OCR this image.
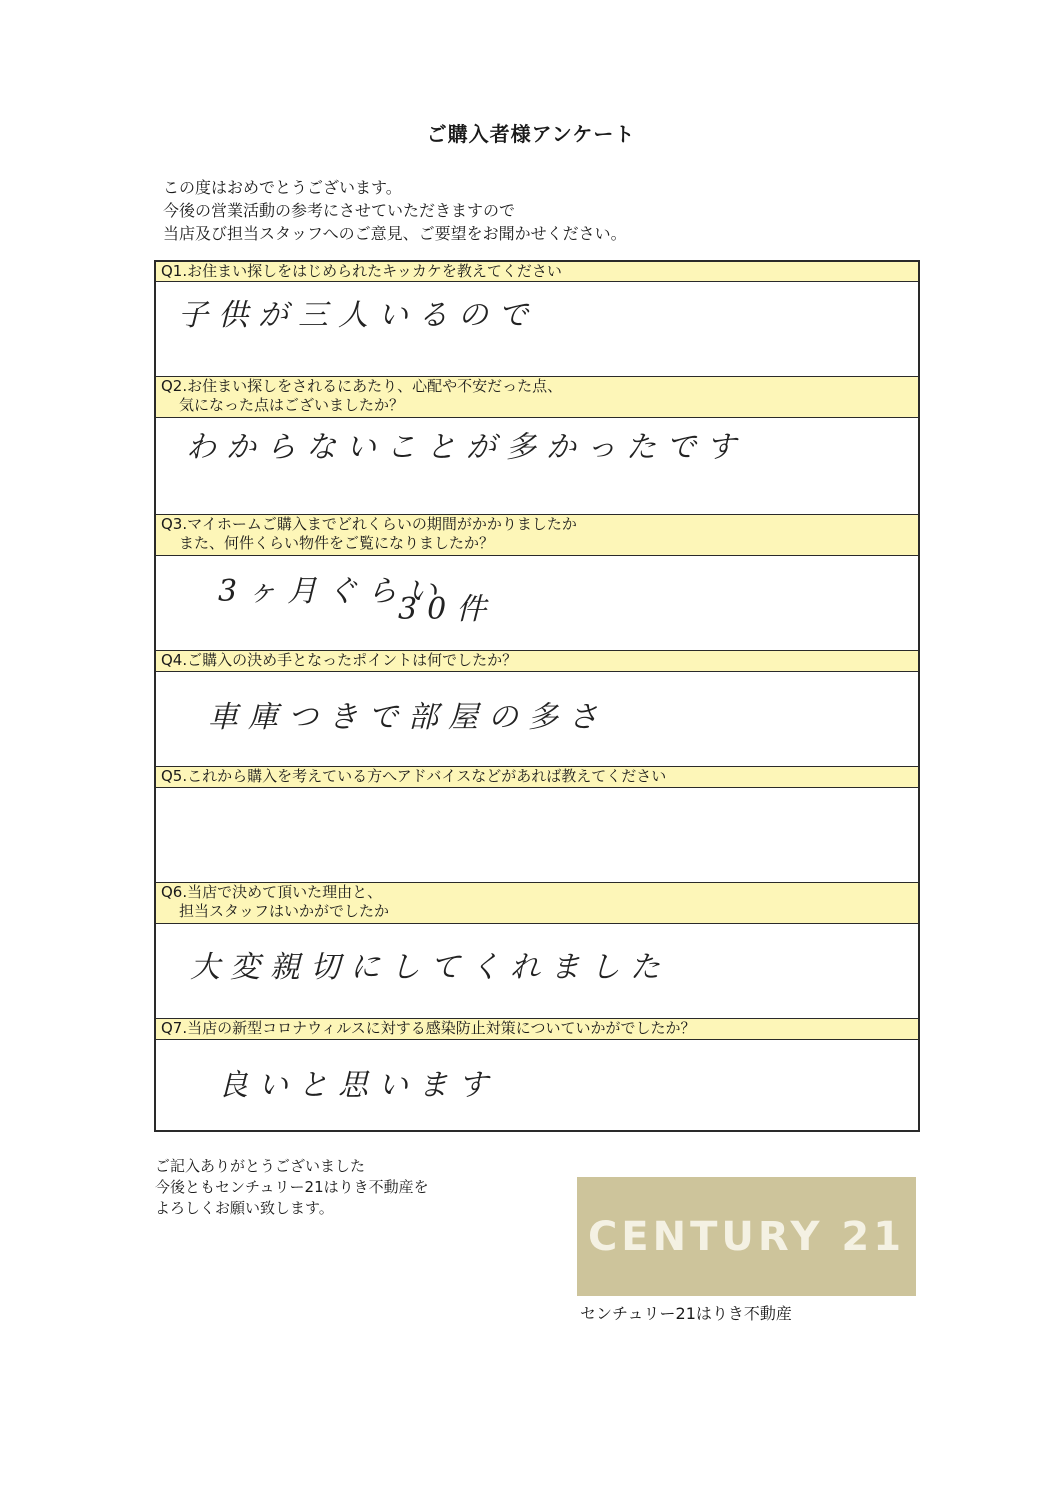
ご購入者様アンケート
この度はおめでとうございます。
今後の営業活動の参考にさせていただきますので
当店及び担当スタッフへのご意見、ご要望をお聞かせください。
Q1.お住まい探しをはじめられたキッカケを教えてください
子供が三人いるので
Q2.お住まい探しをされるにあたり、心配や不安だった点、
気になった点はございましたか？
わからないことが多かったです
Q3.マイホームご購入までどれくらいの期間がかかりましたか
また、何件くらい物件をご覧になりましたか？
3ヶ月ぐらい
30件
Q4.ご購入の決め手となったポイントは何でしたか？
車庫つきで部屋の多さ
Q5.これから購入を考えている方へアドバイスなどがあれば教えてください
Q6.当店で決めて頂いた理由と、
担当スタッフはいかがでしたか
大変親切にしてくれました
Q7.当店の新型コロナウィルスに対する感染防止対策についていかがでしたか？
良いと思います
ご記入ありがとうございました
今後ともセンチュリー21はりき不動産を
よろしくお願い致します。
CENTURY 21
センチュリー21はりき不動産
